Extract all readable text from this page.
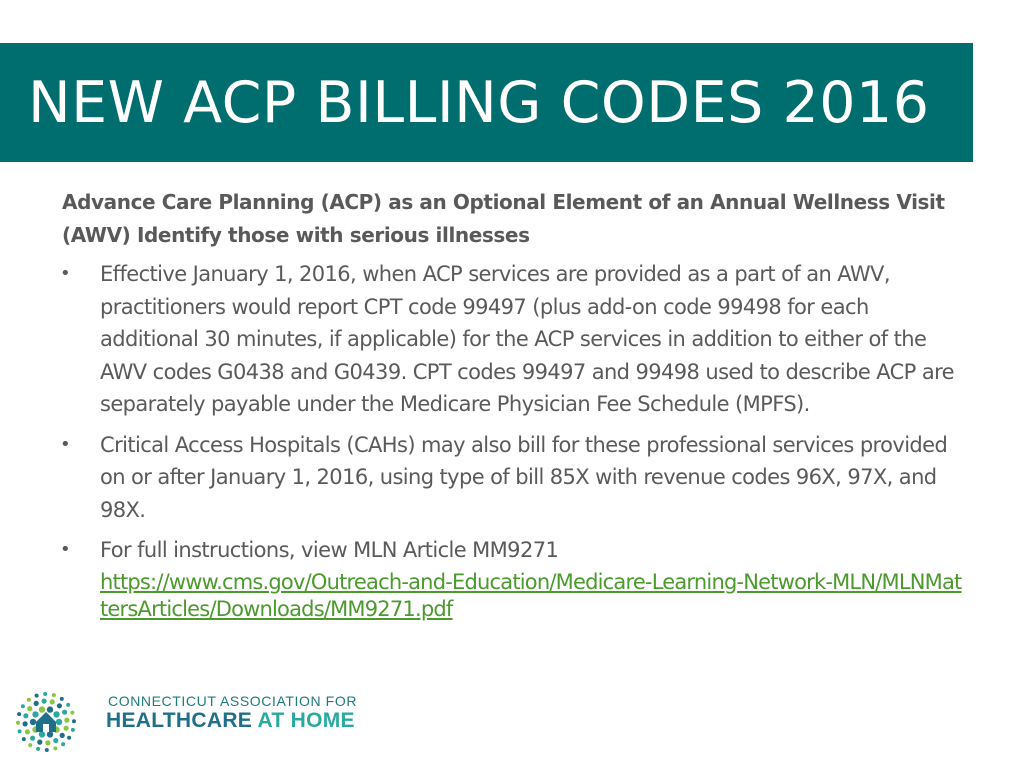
NEW ACP BILLING CODES 2016

Advance Care Planning (ACP) as an Optional Element of an Annual Wellness Visit (AWV) Identify those with serious illnesses

• Effective January 1, 2016, when ACP services are provided as a part of an AWV, practitioners would report CPT code 99497 (plus add-on code 99498 for each additional 30 minutes, if applicable) for the ACP services in addition to either of the AWV codes G0438 and G0439. CPT codes 99497 and 99498 used to describe ACP are separately payable under the Medicare Physician Fee Schedule (MPFS).
• Critical Access Hospitals (CAHs) may also bill for these professional services provided on or after January 1, 2016, using type of bill 85X with revenue codes 96X, 97X, and 98X.
• For full instructions, view MLN Article MM9271
https://www.cms.gov/Outreach-and-Education/Medicare-Learning-Network-MLN/MLNMattersArticles/Downloads/MM9271.pdf
CONNECTICUT ASSOCIATION FOR
HEALTHCARE AT HOME
